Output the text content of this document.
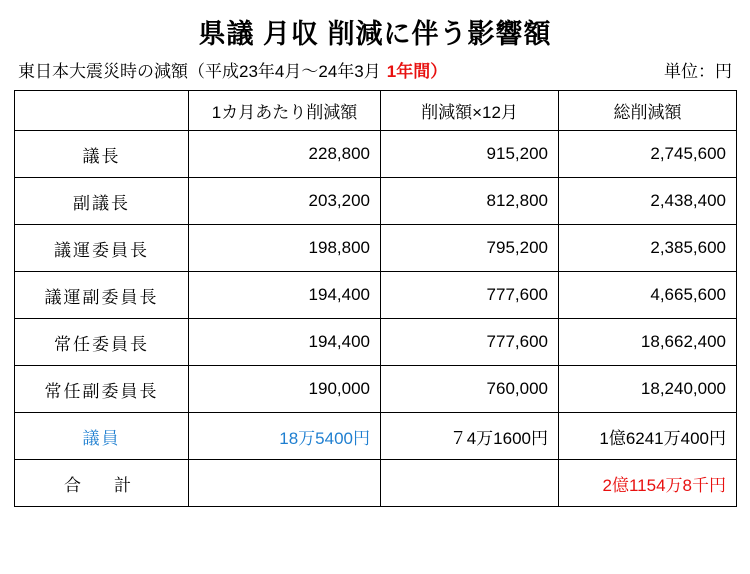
県議 月収 削減に伴う影響額
東日本大震災時の減額（平成23年4月～24年3月 1年間）	単位：円
	1カ月あたり削減額	削減額×12月	総削減額
議長	228,800	915,200	2,745,600
副議長	203,200	812,800	2,438,400
議運委員長	198,800	795,200	2,385,600
議運副委員長	194,400	777,600	4,665,600
常任委員長	194,400	777,600	18,662,400
常任副委員長	190,000	760,000	18,240,000
議員	18万5400円	７4万1600円	1億6241万400円
合　計			2億1154万8千円
